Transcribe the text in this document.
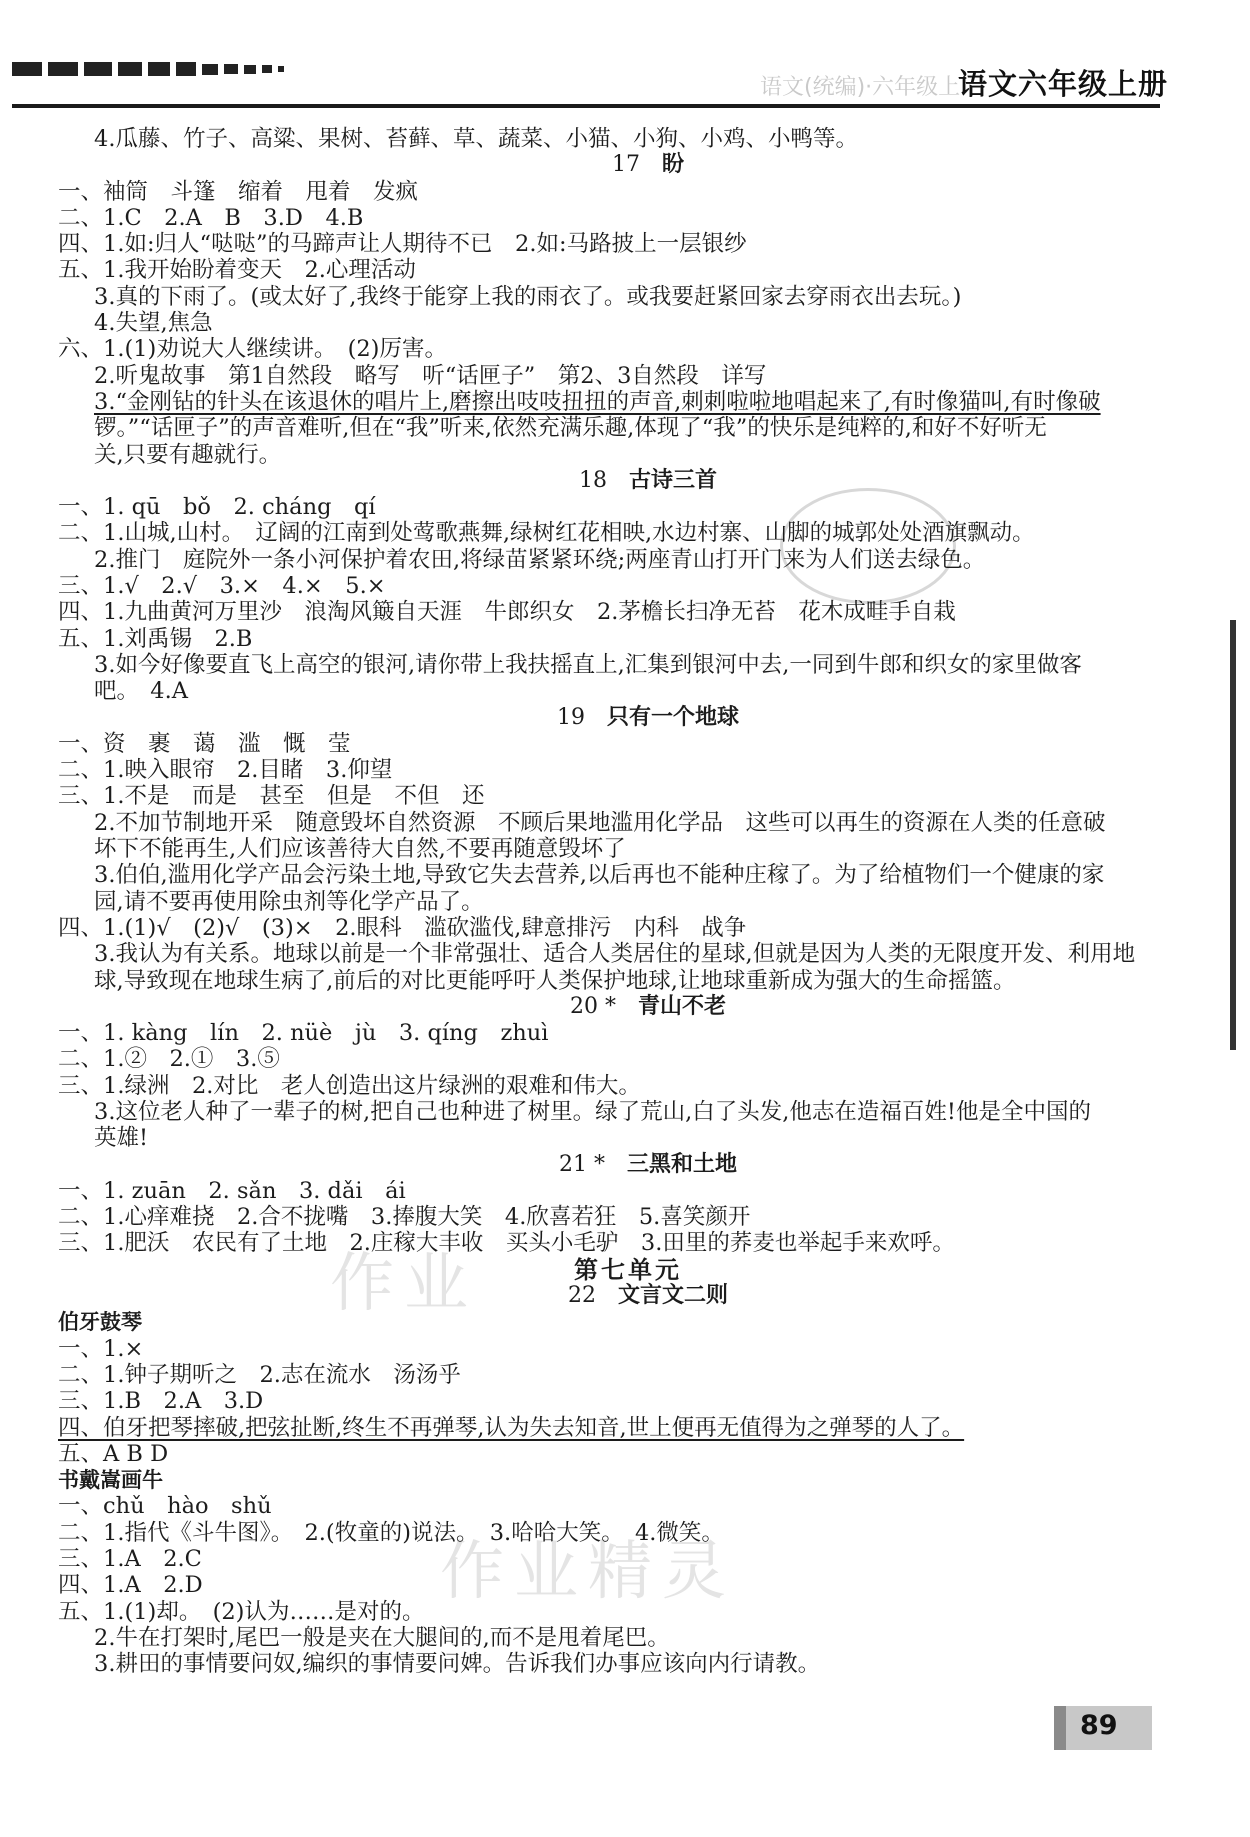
语文(统编)·六年级上
语文六年级上册
作业
作业精灵
4.瓜藤、竹子、高粱、果树、苔藓、草、蔬菜、小猫、小狗、小鸡、小鸭等。
17　 盼
一、袖筒　斗篷　缩着　甩着　发疯
二、1.C　2.A　B　3.D　4.B
四、1.如:归人“哒哒”的马蹄声让人期待不已　2.如:马路披上一层银纱
五、1.我开始盼着变天　2.心理活动
3.真的下雨了。(或太好了,我终于能穿上我的雨衣了。或我要赶紧回家去穿雨衣出去玩。)
4.失望,焦急
六、1.(1)劝说大人继续讲。　(2)厉害。
2.听鬼故事　第1自然段　略写　听“话匣子”　第2、3自然段　详写
3.“金刚钻的针头在该退休的唱片上,磨擦出吱吱扭扭的声音,刺刺啦啦地唱起来了,有时像猫叫,有时像破
锣。”“话匣子”的声音难听,但在“我”听来,依然充满乐趣,体现了“我”的快乐是纯粹的,和好不好听无
关,只要有趣就行。
18　 古诗三首
一、1. qū　bǒ　2. cháng　qí
二、1.山城,山村。　辽阔的江南到处莺歌燕舞,绿树红花相映,水边村寨、山脚的城郭处处酒旗飘动。
2.推门　庭院外一条小河保护着农田,将绿苗紧紧环绕;两座青山打开门来为人们送去绿色。
三、1.√　2.√　3.×　4.×　5.×
四、1.九曲黄河万里沙　浪淘风簸自天涯　牛郎织女　2.茅檐长扫净无苔　花木成畦手自栽
五、1.刘禹锡　2.B
3.如今好像要直飞上高空的银河,请你带上我扶摇直上,汇集到银河中去,一同到牛郎和织女的家里做客
吧。　4.A
19　 只有一个地球
一、资　裹　蔼　滥　慨　莹
二、1.映入眼帘　2.目睹　3.仰望
三、1.不是　而是　甚至　但是　不但　还
2.不加节制地开采　随意毁坏自然资源　不顾后果地滥用化学品　这些可以再生的资源在人类的任意破
坏下不能再生,人们应该善待大自然,不要再随意毁坏了
3.伯伯,滥用化学产品会污染土地,导致它失去营养,以后再也不能种庄稼了。为了给植物们一个健康的家
园,请不要再使用除虫剂等化学产品了。
四、1.(1)√　(2)√　(3)×　2.眼科　滥砍滥伐,肆意排污　内科　战争
3.我认为有关系。地球以前是一个非常强壮、适合人类居住的星球,但就是因为人类的无限度开发、利用地
球,导致现在地球生病了,前后的对比更能呼吁人类保护地球,让地球重新成为强大的生命摇篮。
20 *　 青山不老
一、1. kàng　lín　2. nüè　jù　3. qíng　zhuì
二、1.②　2.①　3.⑤
三、1.绿洲　2.对比　老人创造出这片绿洲的艰难和伟大。
3.这位老人种了一辈子的树,把自己也种进了树里。绿了荒山,白了头发,他志在造福百姓!他是全中国的
英雄!
21 *　 三黑和土地
一、1. zuān　2. sǎn　3. dǎi　ái
二、1.心痒难挠　2.合不拢嘴　3.捧腹大笑　4.欣喜若狂　5.喜笑颜开
三、1.肥沃　农民有了土地　2.庄稼大丰收　买头小毛驴　3.田里的荞麦也举起手来欢呼。
第七单元
22　 文言文二则
伯牙鼓琴
一、1.×
二、1.钟子期听之　2.志在流水　汤汤乎
三、1.B　2.A　3.D
四、伯牙把琴摔破,把弦扯断,终生不再弹琴,认为失去知音,世上便再无值得为之弹琴的人了。
五、A B D
书戴嵩画牛
一、chǔ　hào　shǔ
二、1.指代《斗牛图》。　2.(牧童的)说法。　3.哈哈大笑。　4.微笑。
三、1.A　2.C
四、1.A　2.D
五、1.(1)却。　(2)认为……是对的。
2.牛在打架时,尾巴一般是夹在大腿间的,而不是甩着尾巴。
3.耕田的事情要问奴,编织的事情要问婢。告诉我们办事应该向内行请教。
89
